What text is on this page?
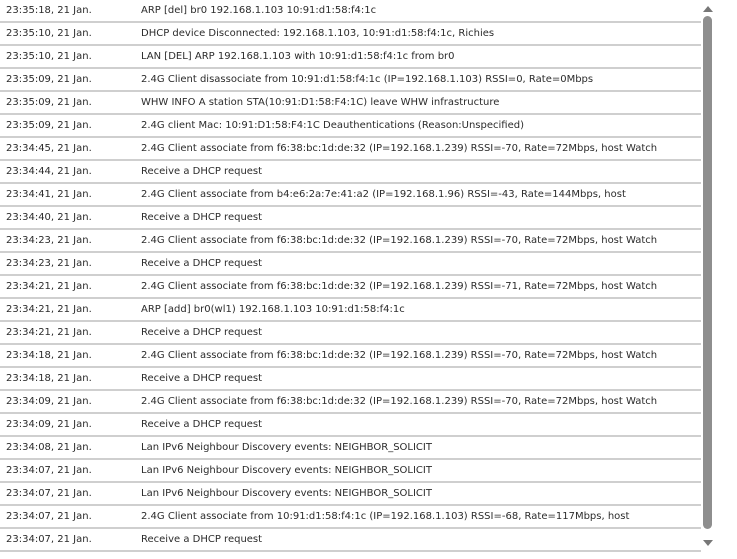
23:35:18, 21 Jan.	ARP [del] br0 192.168.1.103 10:91:d1:58:f4:1c
23:35:10, 21 Jan.	DHCP device Disconnected: 192.168.1.103, 10:91:d1:58:f4:1c, Richies
23:35:10, 21 Jan.	LAN [DEL] ARP 192.168.1.103 with 10:91:d1:58:f4:1c from br0
23:35:09, 21 Jan.	2.4G Client disassociate from 10:91:d1:58:f4:1c (IP=192.168.1.103) RSSI=0, Rate=0Mbps
23:35:09, 21 Jan.	WHW INFO A station STA(10:91:D1:58:F4:1C) leave WHW infrastructure
23:35:09, 21 Jan.	2.4G client Mac: 10:91:D1:58:F4:1C Deauthentications (Reason:Unspecified)
23:34:45, 21 Jan.	2.4G Client associate from f6:38:bc:1d:de:32 (IP=192.168.1.239) RSSI=-70, Rate=72Mbps, host Watch
23:34:44, 21 Jan.	Receive a DHCP request
23:34:41, 21 Jan.	2.4G Client associate from b4:e6:2a:7e:41:a2 (IP=192.168.1.96) RSSI=-43, Rate=144Mbps, host
23:34:40, 21 Jan.	Receive a DHCP request
23:34:23, 21 Jan.	2.4G Client associate from f6:38:bc:1d:de:32 (IP=192.168.1.239) RSSI=-70, Rate=72Mbps, host Watch
23:34:23, 21 Jan.	Receive a DHCP request
23:34:21, 21 Jan.	2.4G Client associate from f6:38:bc:1d:de:32 (IP=192.168.1.239) RSSI=-71, Rate=72Mbps, host Watch
23:34:21, 21 Jan.	ARP [add] br0(wl1) 192.168.1.103 10:91:d1:58:f4:1c
23:34:21, 21 Jan.	Receive a DHCP request
23:34:18, 21 Jan.	2.4G Client associate from f6:38:bc:1d:de:32 (IP=192.168.1.239) RSSI=-70, Rate=72Mbps, host Watch
23:34:18, 21 Jan.	Receive a DHCP request
23:34:09, 21 Jan.	2.4G Client associate from f6:38:bc:1d:de:32 (IP=192.168.1.239) RSSI=-70, Rate=72Mbps, host Watch
23:34:09, 21 Jan.	Receive a DHCP request
23:34:08, 21 Jan.	Lan IPv6 Neighbour Discovery events: NEIGHBOR_SOLICIT
23:34:07, 21 Jan.	Lan IPv6 Neighbour Discovery events: NEIGHBOR_SOLICIT
23:34:07, 21 Jan.	Lan IPv6 Neighbour Discovery events: NEIGHBOR_SOLICIT
23:34:07, 21 Jan.	2.4G Client associate from 10:91:d1:58:f4:1c (IP=192.168.1.103) RSSI=-68, Rate=117Mbps, host
23:34:07, 21 Jan.	Receive a DHCP request
